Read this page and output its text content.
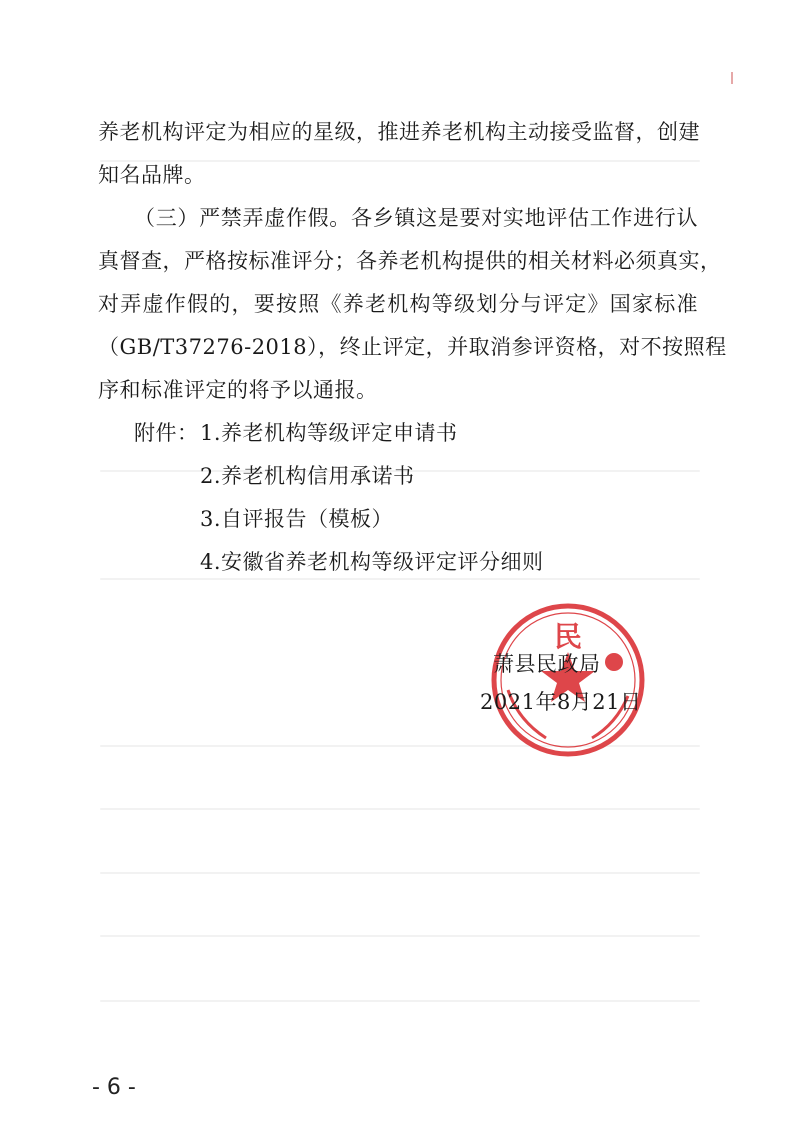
养老机构评定为相应的星级，推进养老机构主动接受监督，创建
知名品牌。
（三）严禁弄虚作假。各乡镇这是要对实地评估工作进行认
真督查，严格按标准评分；各养老机构提供的相关材料必须真实，
对弄虚作假的，要按照《养老机构等级划分与评定》国家标准
（GB/T37276-2018），终止评定，并取消参评资格，对不按照程
序和标准评定的将予以通报。
附件： 1.养老机构等级评定申请书
2.养老机构信用承诺书
3.自评报告（模板）
4.安徽省养老机构等级评定评分细则
民
萧县民政局
2021年8月21日
- 6 -
